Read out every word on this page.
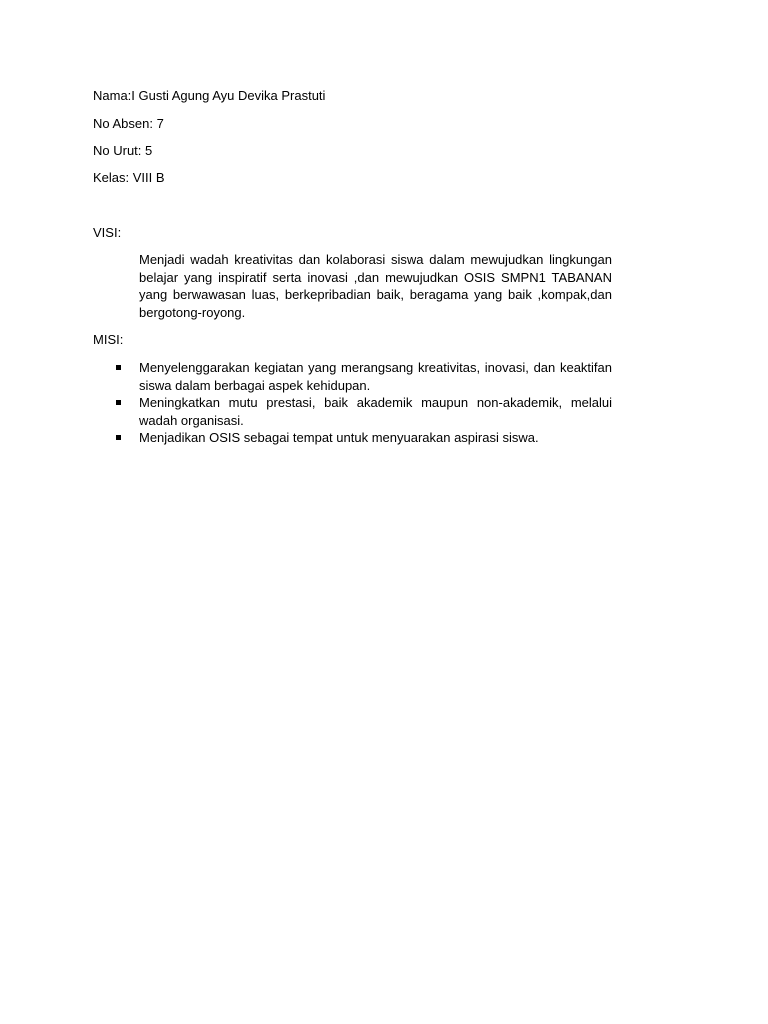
Nama:I Gusti Agung Ayu Devika Prastuti
No Absen: 7
No Urut: 5
Kelas: VIII B
VISI:

Menjadi wadah kreativitas dan kolaborasi siswa dalam mewujudkan lingkungan belajar yang inspiratif serta inovasi ,dan mewujudkan OSIS SMPN1 TABANAN yang berwawasan luas, berkepribadian baik, beragama yang baik ,kompak,dan bergotong-royong.

MISI:
Menyelenggarakan kegiatan yang merangsang kreativitas, inovasi, dan keaktifan siswa dalam berbagai aspek kehidupan.
Meningkatkan mutu prestasi, baik akademik maupun non-akademik, melalui wadah organisasi.
Menjadikan OSIS sebagai tempat untuk menyuarakan aspirasi siswa.
